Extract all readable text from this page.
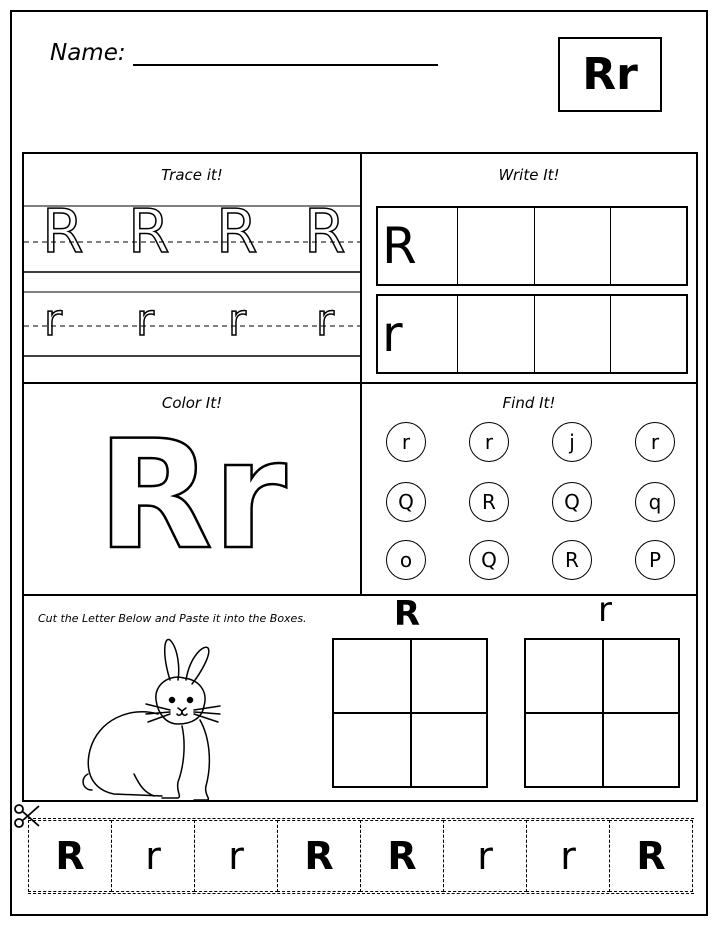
Name:	Rr
Trace it!
R R R R
r r r r
Write It!
R
r
Color It!
Rr
Find It!
r	r	j	r
Q	R	Q	q
o	Q	R	P
Cut the Letter Below and Paste it into the Boxes.	R	r
R	r	r	R	R	r	r	R
